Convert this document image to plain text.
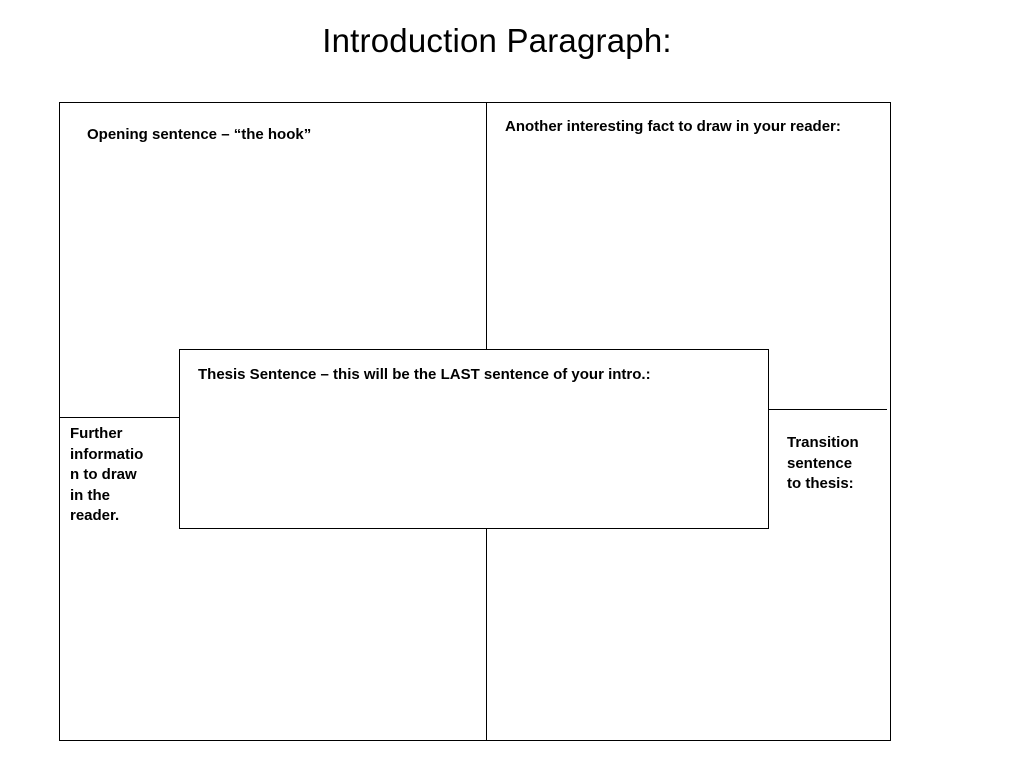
Introduction Paragraph:
Opening sentence – “the hook”	Another interesting fact to draw in your reader:
Further
informatio
n to draw
in the
reader.
Transition
sentence
to thesis:
Thesis Sentence – this will be the LAST sentence of your intro.:
